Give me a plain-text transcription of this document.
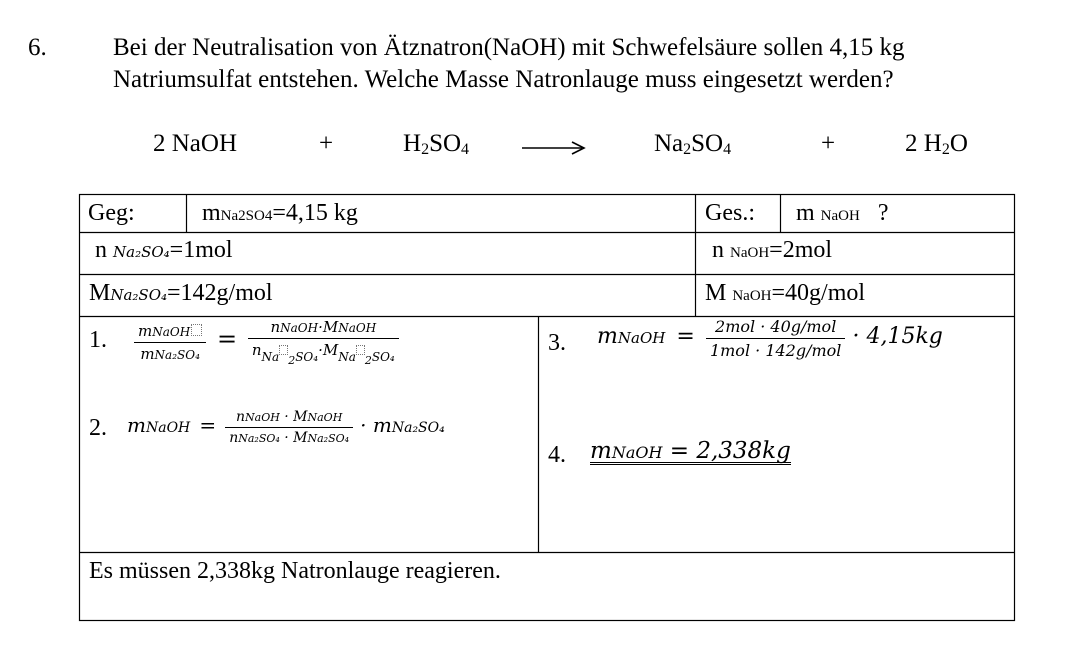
6.	Bei der Neutralisation von Ätznatron(NaOH) mit Schwefelsäure sollen 4,15 kg
Natriumsulfat entstehen. Welche Masse Natronlauge muss eingesetzt werden?
2 NaOH	+	$H_2SO_4$	$Na_2SO_4$	+	2 $H_2O$
Geg:	mNa2SO4=4,15 kg	Ges.: m NaOH ?
n Na₂SO₄=1mol	n NaOH=2mol
MNa₂SO₄=142g/mol	M NaOH=40g/mol
1. $\frac{\text{mNaOH}}{\text{mNa₂SO₄}} = \frac{\text{nNaOH·MNaOH}}{n_{Na} _{2SO_4}\cdot M_{Na} _{2SO_4}}$
2. mNaOH = $\frac{\text{nNaOH · MNaOH}}{\text{nNa₂SO₄ · MNa₂SO₄}} \cdot mNa_2SO_4$
3. mNaOH = $\frac{\text{2mol · 40g/mol}}{\text{1mol · 142g/mol}} \cdot 4,15kg$
4. mNaOH = 2,338kg
Es müssen 2,338kg Natronlauge reagieren.
